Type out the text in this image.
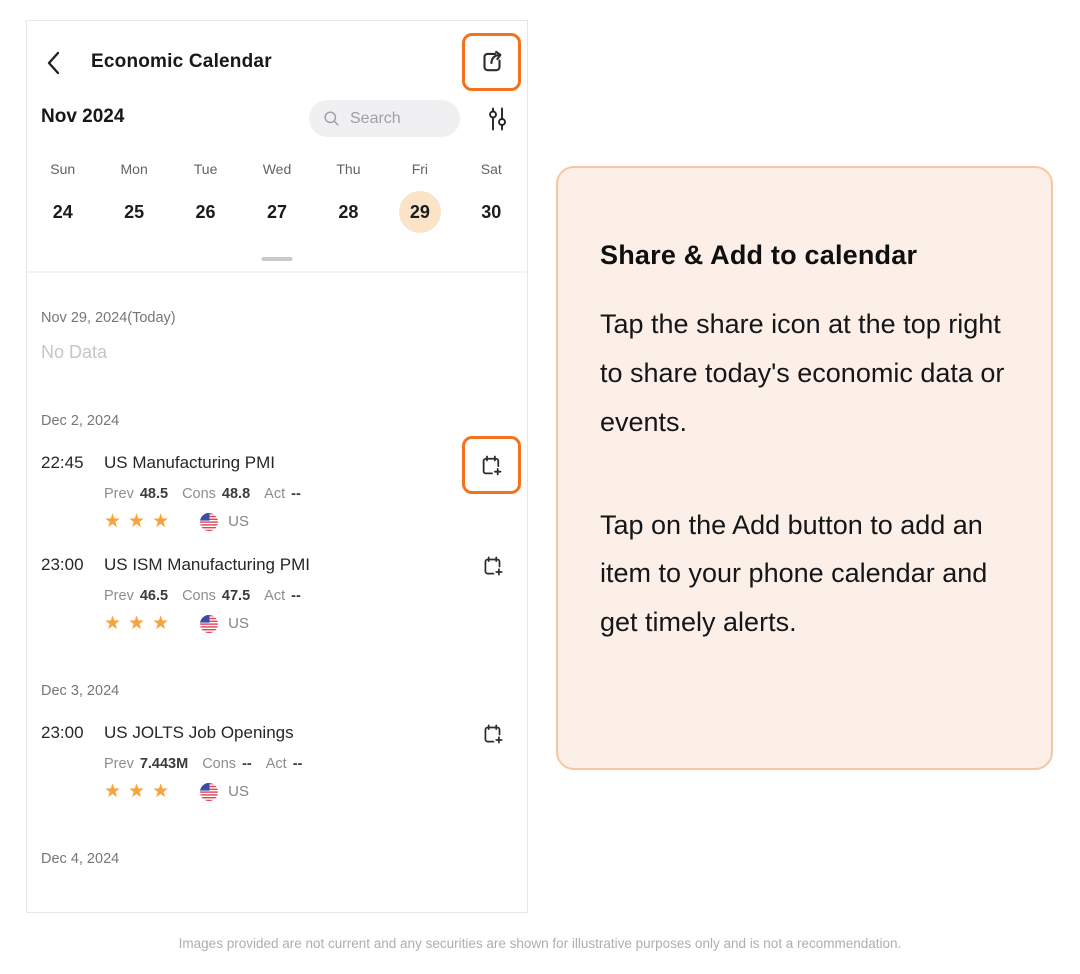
Economic Calendar
Nov 2024	Search
Sun	Mon	Tue	Wed	Thu	Fri	Sat
24	25	26	27	28	29	30
Nov 29, 2024(Today)
No Data
Dec 2, 2024
22:45	US Manufacturing PMI
Prev 48.5 Cons 48.8 Act --
★★★	US
23:00	US ISM Manufacturing PMI
Prev 46.5 Cons 47.5 Act --
★★★	US
Dec 3, 2024
23:00	US JOLTS Job Openings
Prev 7.443M Cons -- Act --
★★★	US
Dec 4, 2024
Share & Add to calendar
Tap the share icon at the top right to share today's economic data or events.
Tap on the Add button to add an item to your phone calendar and get timely alerts.
Images provided are not current and any securities are shown for illustrative purposes only and is not a recommendation.
